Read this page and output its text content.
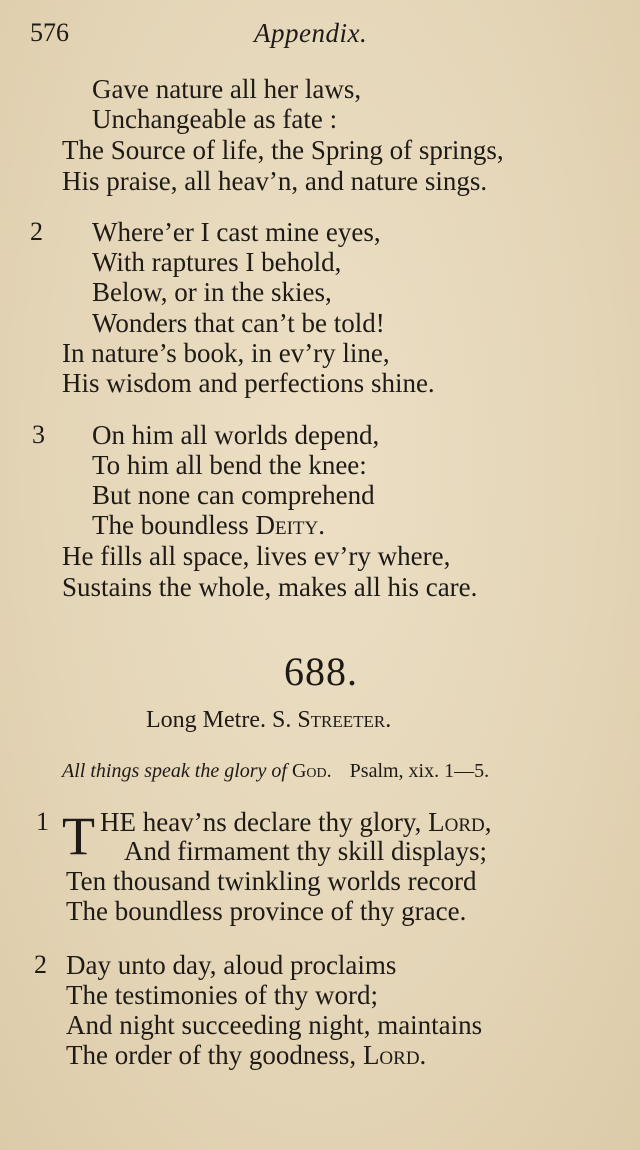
576	Appendix.
Gave nature all her laws,
Unchangeable as fate :
The Source of life, the Spring of springs,
His praise, all heav’n, and nature sings.
2 Where’er I cast mine eyes,
With raptures I behold,
Below, or in the skies,
Wonders that can’t be told!
In nature’s book, in ev’ry line,
His wisdom and perfections shine.
3 On him all worlds depend,
To him all bend the knee:
But none can comprehend
The boundless Deity.
He fills all space, lives ev’ry where,
Sustains the whole, makes all his care.
688.
Long Metre. S. Streeter.
All things speak the glory of God. Psalm, xix. 1—5.
1 T HE heav’ns declare thy glory, Lord,
And firmament thy skill displays;
Ten thousand twinkling worlds record
The boundless province of thy grace.
2 Day unto day, aloud proclaims
The testimonies of thy word;
And night succeeding night, maintains
The order of thy goodness, Lord.
